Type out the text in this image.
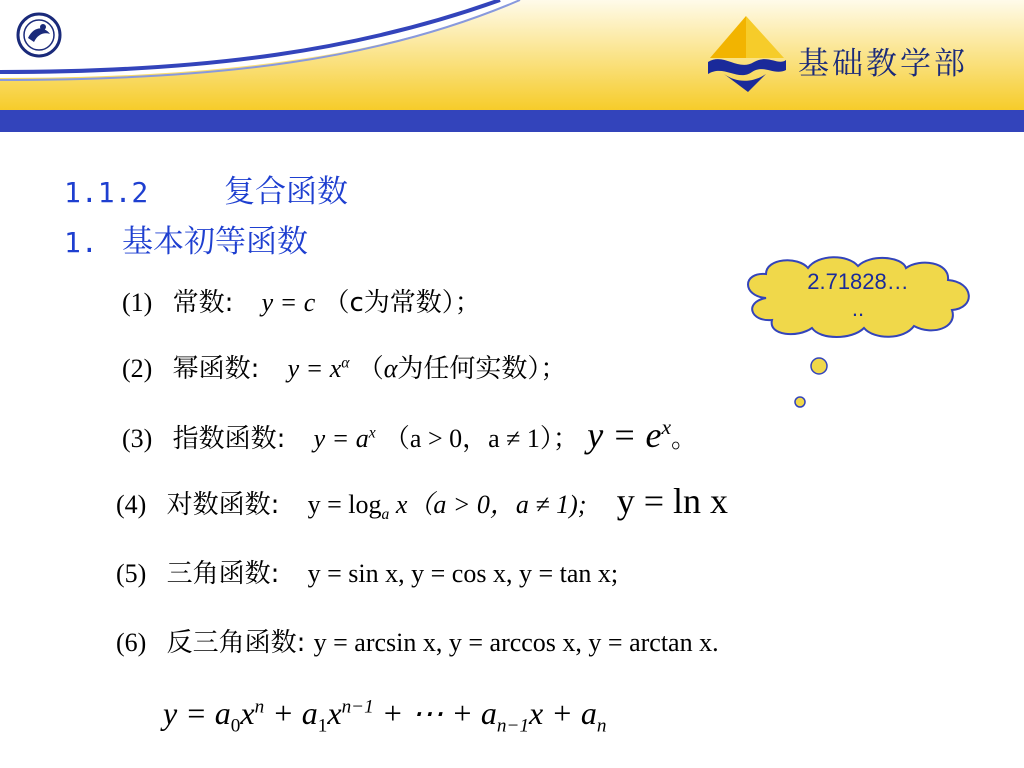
基础教学部
1.1.2 复合函数
1. 基本初等函数
2.71828…
..
(1) 常数: y = c （c为常数）；
(2) 幂函数: $y = x^\alpha$ （α为任何实数）；
(3) 指数函数: $y = a^x$ （a > 0，a ≠ 1）； $y = e^x$。
(4) 对数函数: $y = \log_a x(a > 0$，a ≠ 1); y = ln x
(5) 三角函数: y = sin x, y = cos x, y = tan x;
(6) 反三角函数: y = arcsin x, y = arccos x, y = arctan x.
$y = a_0x^n + a_1x^{n-1}$ + ⋯ + $a_{n-1}x + a_n$
